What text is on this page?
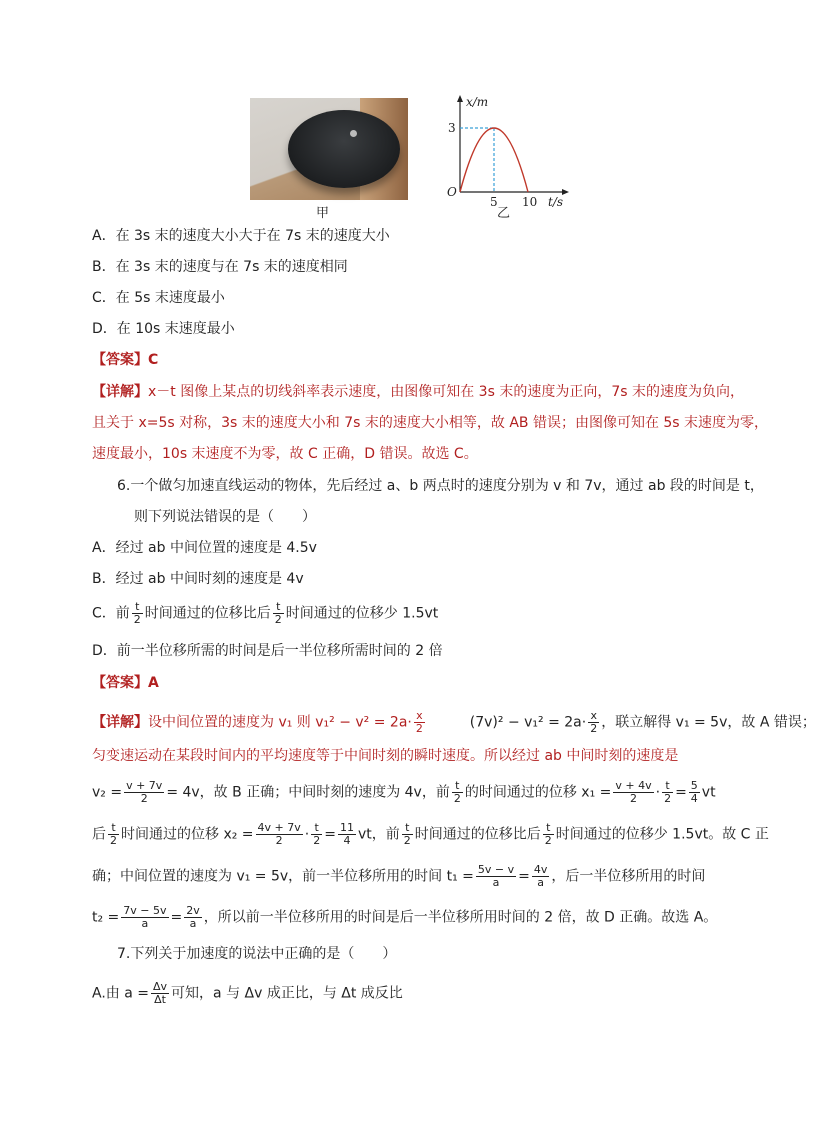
甲
x/m
3
O
5 10 t/s
乙
A．在 3s 末的速度大小大于在 7s 末的速度大小
B．在 3s 末的速度与在 7s 末的速度相同
C．在 5s 末速度最小
D．在 10s 末速度最小
【答案】C
【详解】x－t 图像上某点的切线斜率表示速度，由图像可知在 3s 末的速度为正向，7s 末的速度为负向，
且关于 x=5s 对称，3s 末的速度大小和 7s 末的速度大小相等，故 AB 错误；由图像可知在 5s 末速度为零，
速度最小，10s 末速度不为零，故 C 正确，D 错误。故选 C。
6.一个做匀加速直线运动的物体，先后经过 a、b 两点时的速度分别为 v 和 7v，通过 ab 段的时间是 t，
则下列说法错误的是（　　）
A．经过 ab 中间位置的速度是 4.5v
B．经过 ab 中间时刻的速度是 4v
C．前 $\frac{t}{2}$ 时间通过的位移比后 $\frac{t}{2}$ 时间通过的位移少 1.5vt
D．前一半位移所需的时间是后一半位移所需时间的 2 倍
【答案】A
【详解】设中间位置的速度为 v₁ 则 $v_1^2 - v^2 = 2a\cdot \frac{x}{2}$	$(7v)^2 - v_1^2 = 2a\cdot \frac{x}{2}$ ，联立解得 v₁ = 5v，故 A 错误；
匀变速运动在某段时间内的平均速度等于中间时刻的瞬时速度。所以经过 ab 中间时刻的速度是
$v_2 = \frac{v + 7v}{2} = 4v$，故 B 正确；中间时刻的速度为 4v，前 $\frac{t}{2}$ 的时间通过的位移 $x_1 = \frac{v + 4v}{2} \cdot \frac{t}{2} = \frac{5}{4}$ vt
后 $\frac{t}{2}$ 时间通过的位移 $x_2 = \frac{4v + 7v}{2} \cdot \frac{t}{2} = \frac{11}{4}$ vt，前 $\frac{t}{2}$ 时间通过的位移比后 $\frac{t}{2}$ 时间通过的位移少 1.5vt。故 C 正
确；中间位置的速度为 v₁ = 5v，前一半位移所用的时间 $t_1 = \frac{5v - v}{a} = \frac{4v}{a}$ ，后一半位移所用的时间
$t_2 = \frac{7v - 5v}{a} = \frac{2v}{a}$ ，所以前一半位移所用的时间是后一半位移所用时间的 2 倍，故 D 正确。故选 A。
7.下列关于加速度的说法中正确的是（　　）
A.由 $a = \frac{\Delta v}{\Delta t}$ 可知，a 与 Δv 成正比，与 Δt 成反比
